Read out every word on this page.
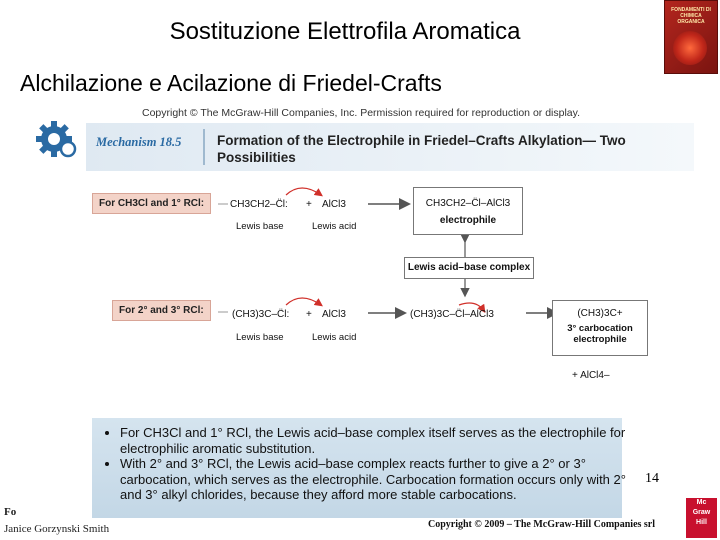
Sostituzione Elettrofila Aromatica
Alchilazione e Acilazione di Friedel-Crafts
FONDAMENTI DI CHIMICA ORGANICA
Copyright © The McGraw-Hill Companies, Inc. Permission required for reproduction or display.
Mechanism 18.5	Formation of the Electrophile in Friedel–Crafts Alkylation— Two Possibilities
For CH3Cl and 1° RCl:	CH3CH2–C̈l: + AlCl3
Lewis base	Lewis acid
CH3CH2–C̈l–AlCl3
electrophile
Lewis acid–base complex
For 2° and 3° RCl:	(CH3)3C–C̈l: + AlCl3
Lewis base	Lewis acid
(CH3)3C–C̈l–AlCl3	(CH3)3C+
3° carbocation
electrophile
+ AlCl4–
• For CH3Cl and 1° RCl, the Lewis acid–base complex itself serves as the electrophile for electrophilic aromatic substitution.
• With 2° and 3° RCl, the Lewis acid–base complex reacts further to give a 2° or 3° carbocation, which serves as the electrophile. Carbocation formation occurs only with 2° and 3° alkyl chlorides, because they afford more stable carbocations.
14
Fo
Janice Gorzynski Smith	Copyright © 2009 – The McGraw-Hill Companies srl
Mc
Graw
Hill
